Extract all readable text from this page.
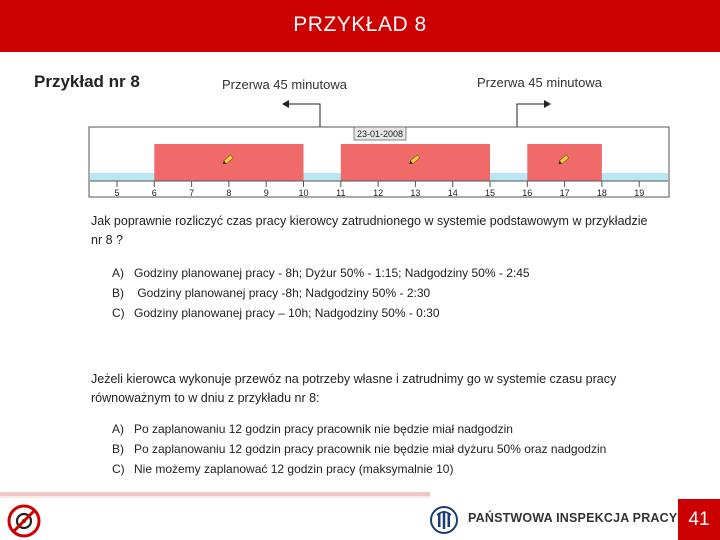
PRZYKŁAD 8
Przykład nr 8	Przerwa 45 minutowa	Przerwa 45 minutowa
23-01-2008
5	6	7	8	9	10	11	12	13	14	15	16	17	18	19
Jak poprawnie rozliczyć czas pracy kierowcy zatrudnionego w systemie podstawowym w przykładzie
nr 8 ?
A) Godziny planowanej pracy - 8h; Dyżur 50% - 1:15; Nadgodziny 50% - 2:45
B) Godziny planowanej pracy -8h; Nadgodziny 50% - 2:30
C) Godziny planowanej pracy – 10h; Nadgodziny 50% - 0:30
Jeżeli kierowca wykonuje przewóz na potrzeby własne i zatrudnimy go w systemie czasu pracy
równoważnym to w dniu z przykładu nr 8:
A) Po zaplanowaniu 12 godzin pracy pracownik nie będzie miał nadgodzin
B) Po zaplanowaniu 12 godzin pracy pracownik nie będzie miał dyżuru 50% oraz nadgodzin
C) Nie możemy zaplanować 12 godzin pracy (maksymalnie 10)
PAŃSTWOWA INSPEKCJA PRACY 41
